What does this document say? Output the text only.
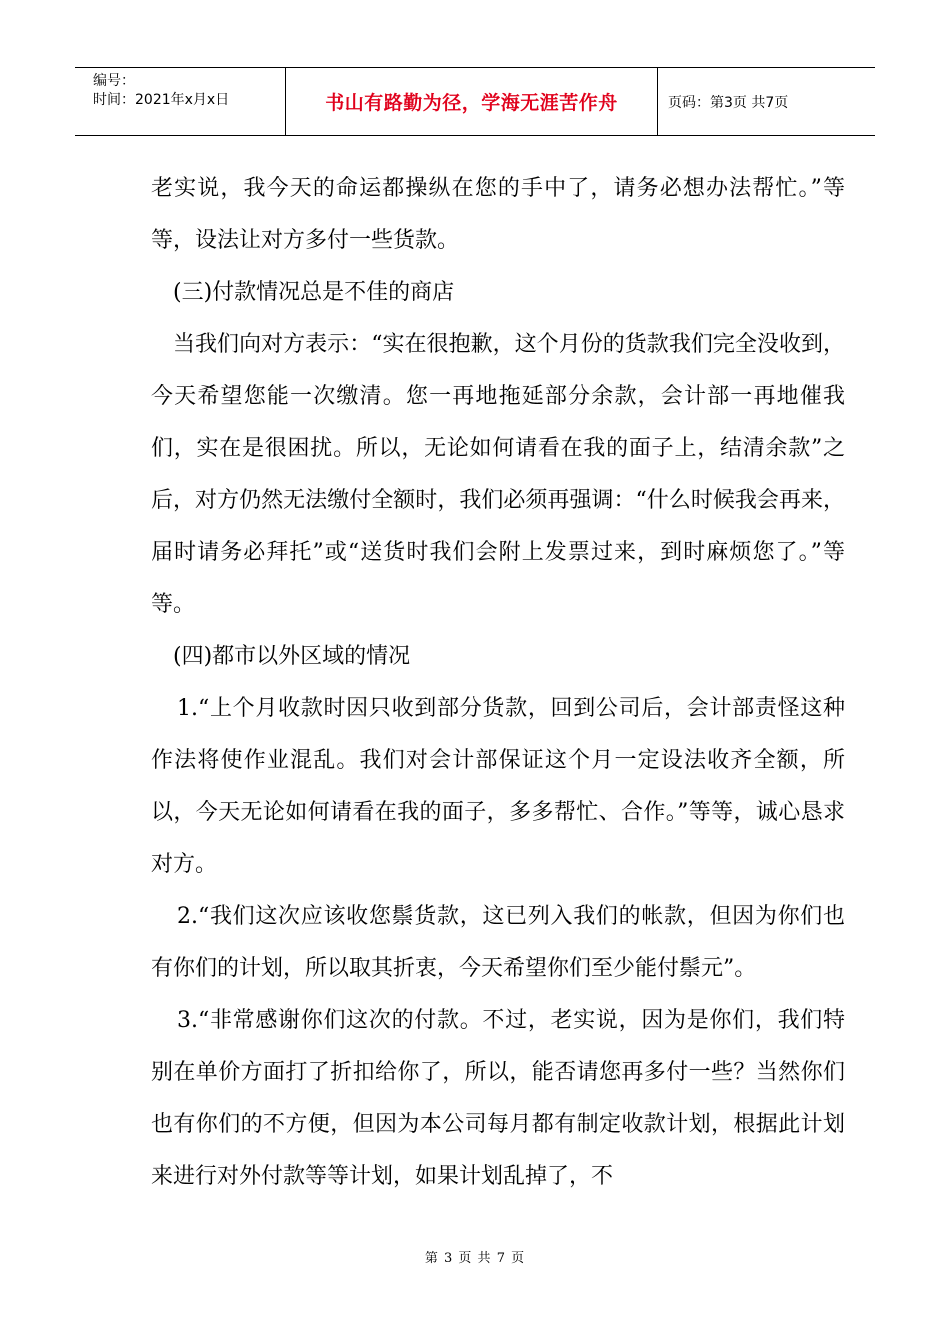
编号：
时间：2021年x月x日	书山有路勤为径，学海无涯苦作舟	页码：第3页 共7页

老实说，我今天的命运都操纵在您的手中了，请务必想办法帮忙。”等等，设法让对方多付一些货款。

(三)付款情况总是不佳的商店

当我们向对方表示：“实在很抱歉，这个月份的货款我们完全没收到，今天希望您能一次缴清。您一再地拖延部分余款，会计部一再地催我们，实在是很困扰。所以，无论如何请看在我的面子上，结清余款”之后，对方仍然无法缴付全额时，我们必须再强调：“什么时候我会再来，届时请务必拜托”或“送货时我们会附上发票过来，到时麻烦您了。”等等。

(四)都市以外区域的情况

1.“上个月收款时因只收到部分货款，回到公司后，会计部责怪这种作法将使作业混乱。我们对会计部保证这个月一定设法收齐全额，所以，今天无论如何请看在我的面子，多多帮忙、合作。”等等，诚心恳求对方。

2.“我们这次应该收您鬃货款，这已列入我们的帐款，但因为你们也有你们的计划，所以取其折衷，今天希望你们至少能付鬃元”。

3.“非常感谢你们这次的付款。不过，老实说，因为是你们，我们特别在单价方面打了折扣给你了，所以，能否请您再多付一些？当然你们也有你们的不方便，但因为本公司每月都有制定收款计划，根据此计划来进行对外付款等等计划，如果计划乱掉了，不

第 3 页 共 7 页
